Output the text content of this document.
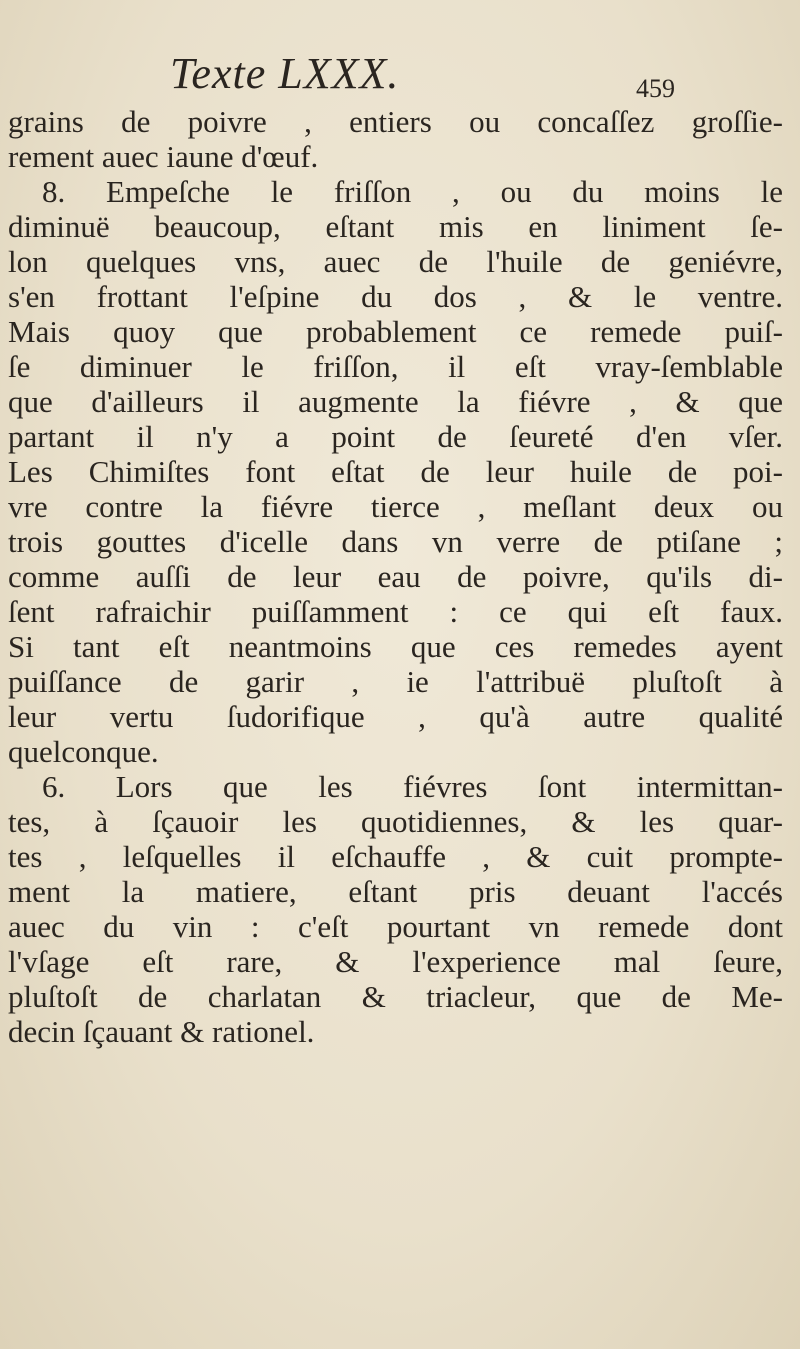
Texte LXXX.	459
grains de poivre , entiers ou concaſſez groſſie-
rement auec iaune d'œuf.
8. Empeſche le friſſon , ou du moins le
diminuë beaucoup, eſtant mis en liniment ſe-
lon quelques vns, auec de l'huile de geniévre,
s'en frottant l'eſpine du dos , & le ventre.
Mais quoy que probablement ce remede puiſ-
ſe diminuer le friſſon, il eſt vray-ſemblable
que d'ailleurs il augmente la fiévre , & que
partant il n'y a point de ſeureté d'en vſer.
Les Chimiſtes font eſtat de leur huile de poi-
vre contre la fiévre tierce , meſlant deux ou
trois gouttes d'icelle dans vn verre de ptiſane ;
comme auſſi de leur eau de poivre, qu'ils di-
ſent rafraichir puiſſamment : ce qui eſt faux.
Si tant eſt neantmoins que ces remedes ayent
puiſſance de garir , ie l'attribuë pluſtoſt à
leur vertu ſudorifique , qu'à autre qualité
quelconque.
6. Lors que les fiévres ſont intermittan-
tes, à ſçauoir les quotidiennes, & les quar-
tes , leſquelles il eſchauffe , & cuit prompte-
ment la matiere, eſtant pris deuant l'accés
auec du vin : c'eſt pourtant vn remede dont
l'vſage eſt rare, & l'experience mal ſeure,
pluſtoſt de charlatan & triacleur, que de Me-
decin ſçauant & rationel.
